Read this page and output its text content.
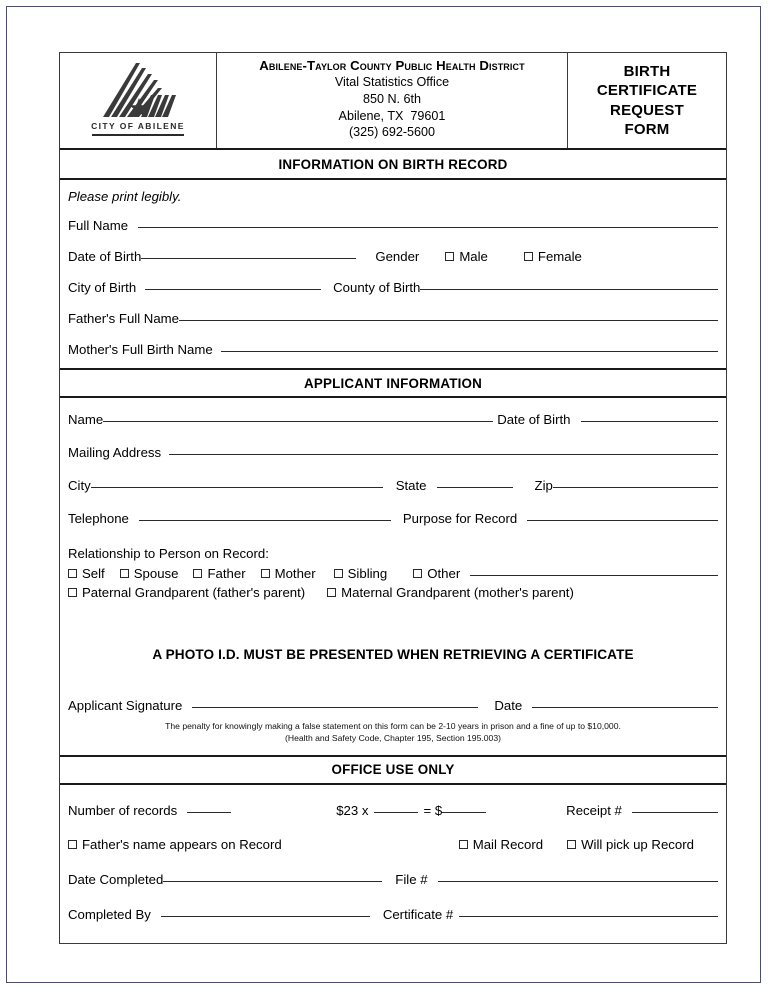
CITY OF ABILENE
Abilene-Taylor County Public Health District
Vital Statistics Office
850 N. 6th
Abilene, TX  79601
(325) 692-5600
BIRTH
CERTIFICATE
REQUEST
FORM
INFORMATION ON BIRTH RECORD
Please print legibly.
Full Name
Date of Birth	Gender	Male	Female
City of Birth	County of Birth
Father's Full Name
Mother's Full Birth Name
APPLICANT INFORMATION
Name	Date of Birth
Mailing Address
City	State	Zip
Telephone	Purpose for Record
Relationship to Person on Record:
Self Spouse Father Mother Sibling	Other
Paternal Grandparent (father's parent)	Maternal Grandparent (mother's parent)
A PHOTO I.D. MUST BE PRESENTED WHEN RETRIEVING A CERTIFICATE
Applicant Signature	Date
The penalty for knowingly making a false statement on this form can be 2-10 years in prison and a fine of up to $10,000.
(Health and Safety Code, Chapter 195, Section 195.003)
OFFICE USE ONLY
Number of records	$23 x	= $	Receipt #
Father's name appears on Record	Mail Record	Will pick up Record
Date Completed	File #
Completed By	Certificate #
